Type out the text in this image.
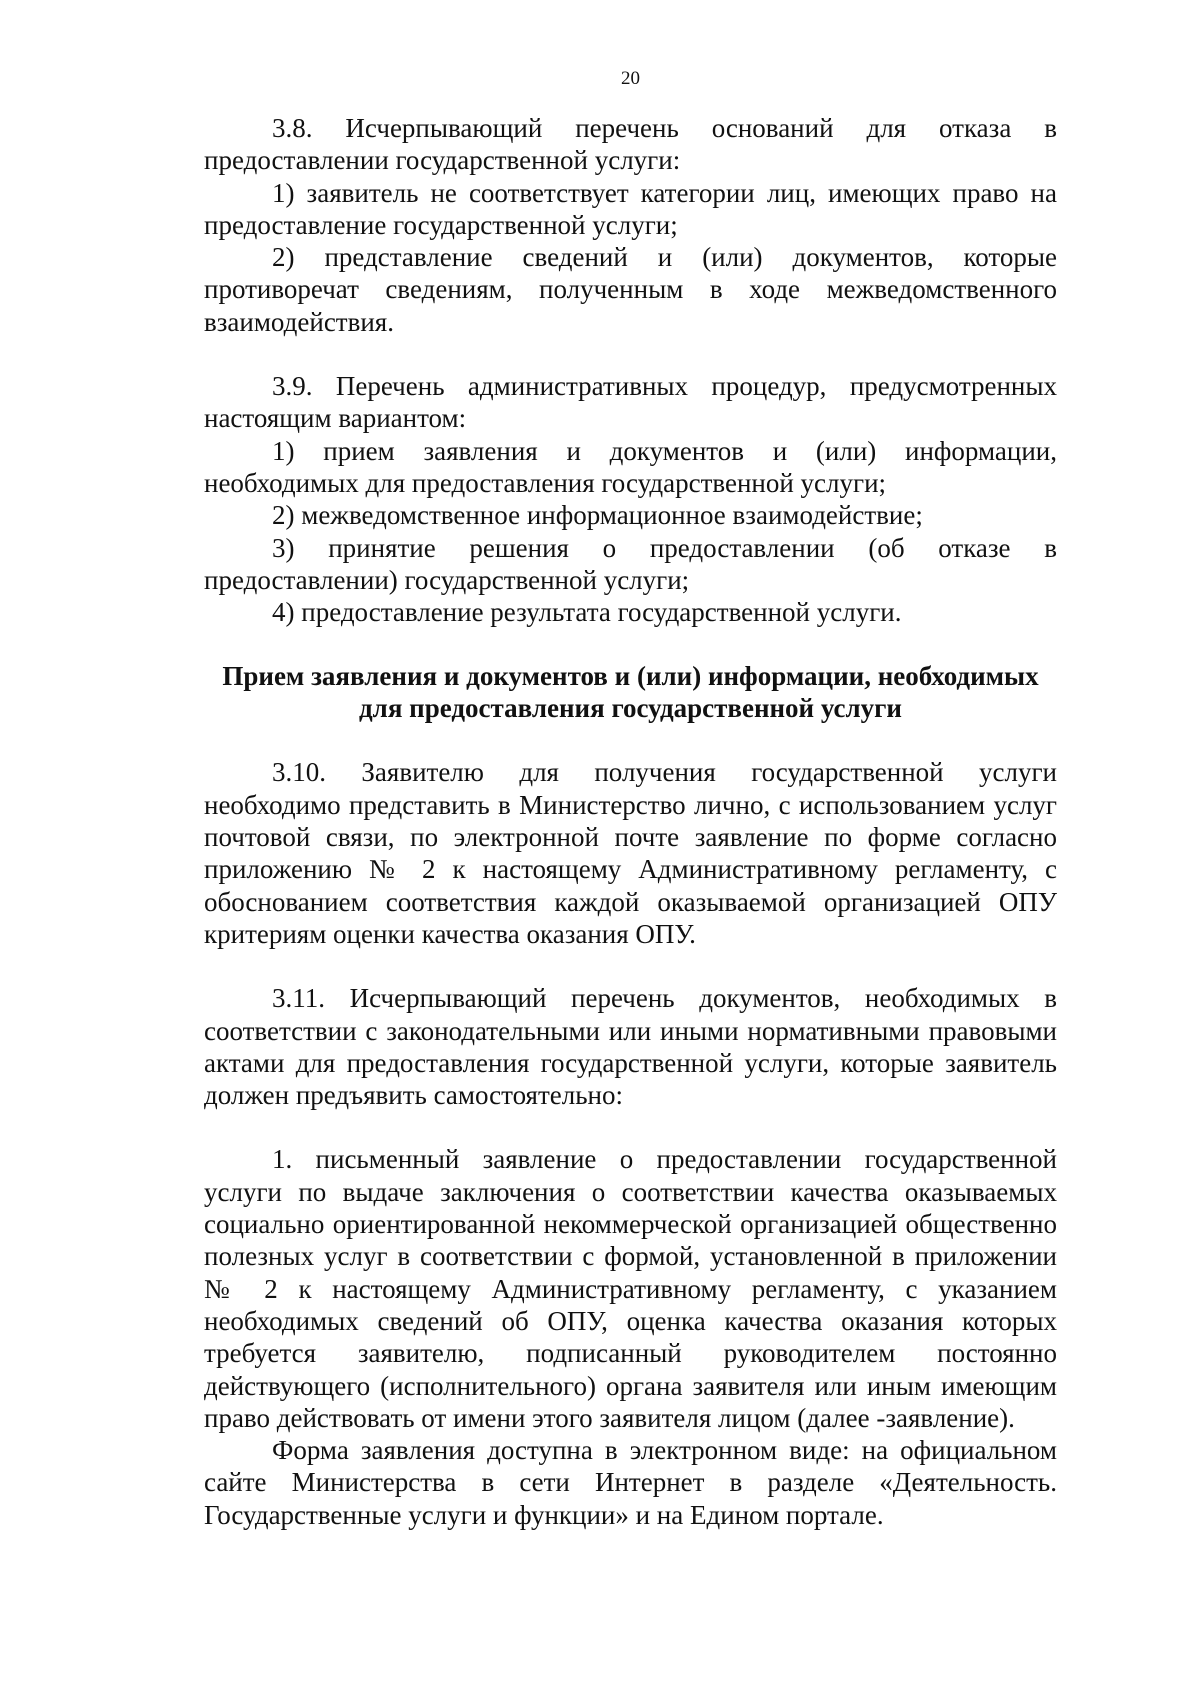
20

3.8. Исчерпывающий перечень оснований для отказа в предоставлении государственной услуги:

1) заявитель не соответствует категории лиц, имеющих право на предоставление государственной услуги;

2) представление сведений и (или) документов, которые противоречат сведениям, полученным в ходе межведомственного взаимодействия.

3.9. Перечень административных процедур, предусмотренных настоящим вариантом:

1) прием заявления и документов и (или) информации, необходимых для предоставления государственной услуги;

2) межведомственное информационное взаимодействие;

3) принятие решения о предоставлении (об отказе в предоставлении) государственной услуги;

4) предоставление результата государственной услуги.

Прием заявления и документов и (или) информации, необходимых
для предоставления государственной услуги

3.10. Заявителю для получения государственной услуги необходимо представить в Министерство лично, с использованием услуг почтовой связи, по электронной почте заявление по форме согласно приложению № 2 к настоящему Административному регламенту, с обоснованием соответствия каждой оказываемой организацией ОПУ критериям оценки качества оказания ОПУ.

3.11. Исчерпывающий перечень документов, необходимых в соответствии с законодательными или иными нормативными правовыми актами для предоставления государственной услуги, которые заявитель должен предъявить самостоятельно:

1. письменный заявление о предоставлении государственной услуги по выдаче заключения о соответствии качества оказываемых социально ориентированной некоммерческой организацией общественно полезных услуг в соответствии с формой, установленной в приложении № 2 к настоящему Административному регламенту, с указанием необходимых сведений об ОПУ, оценка качества оказания которых требуется заявителю, подписанный руководителем постоянно действующего (исполнительного) органа заявителя или иным имеющим право действовать от имени этого заявителя лицом (далее -заявление).

Форма заявления доступна в электронном виде: на официальном сайте Министерства в сети Интернет в разделе «Деятельность. Государственные услуги и функции» и на Едином портале.
